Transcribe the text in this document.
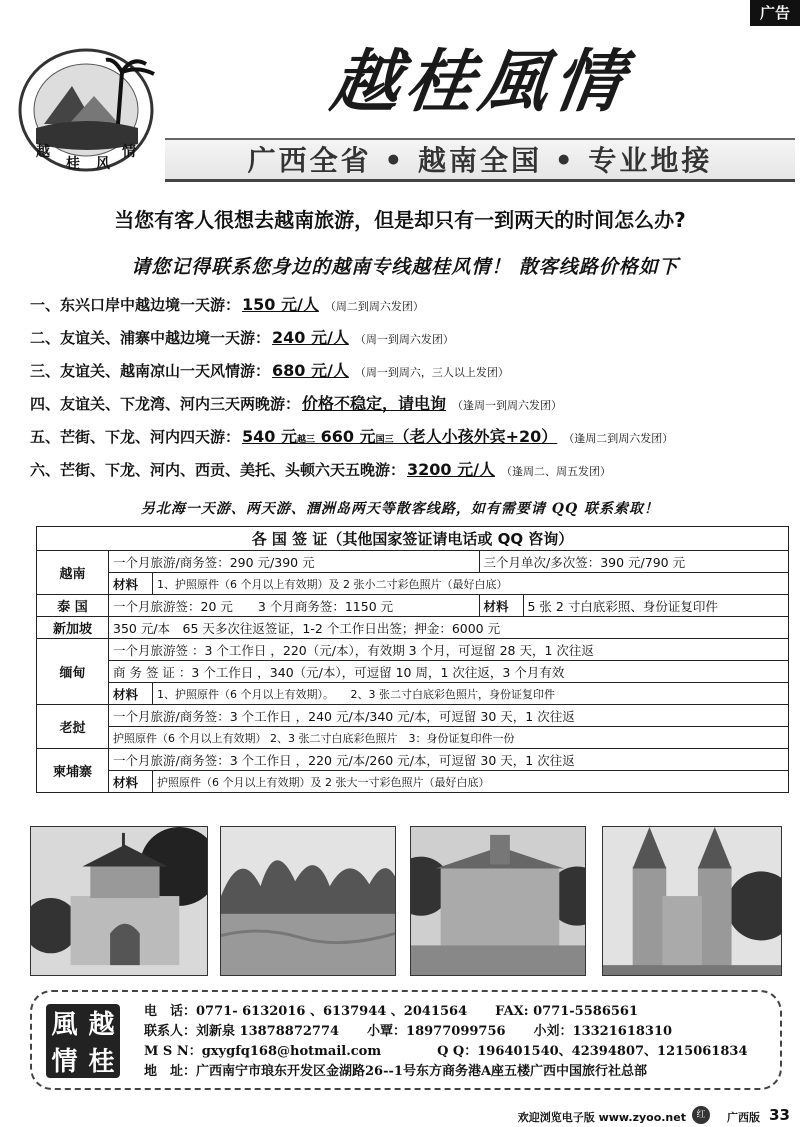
广告
越
桂 风
情
越桂風情
广西全省 • 越南全国 • 专业地接
当您有客人很想去越南旅游，但是却只有一到两天的时间怎么办?
请您记得联系您身边的越南专线越桂风情！ 散客线路价格如下
一、东兴口岸中越边境一天游： 150 元/人 （周二到周六发团）
二、友谊关、浦寨中越边境一天游： 240 元/人 （周一到周六发团）
三、友谊关、越南凉山一天风情游： 680 元/人 （周一到周六，三人以上发团）
四、友谊关、下龙湾、河内三天两晚游： 价格不稳定，请电询 （逢周一到周六发团）
五、芒街、下龙、河内四天游： 540 元越三 660 元国三（老人小孩外宾+20） （逢周二到周六发团）
六、芒街、下龙、河内、西贡、美托、头顿六天五晚游： 3200 元/人 （逢周二、周五发团）
另北海一天游、两天游、涠洲岛两天等散客线路，如有需要请 QQ 联系索取！
各 国 签 证（其他国家签证请电话或 QQ 咨询）				
越南	一个月旅游/商务签：290 元/390 元		三个月单次/多次签：390 元/790 元	
	材料	1、护照原件（6 个月以上有效期）及 2 张小二寸彩色照片（最好白底）		
泰 国	一个月旅游签：20 元　　 3 个月商务签：1150 元		材料	5 张 2 寸白底彩照、身份证复印件
新加坡	350 元/本　65 天多次往返签证，1-2 个工作日出签；押金：6000 元			
缅甸	一个月旅游签 ：3 个工作日 ，220（元/本），有效期 3 个月，可逗留 28 天，1 次往返			
	商 务 签 证 ：3 个工作日 ，340（元/本），可逗留 10 周，1 次往返，3 个月有效			
	材料	1、护照原件（6 个月以上有效期）。　　2、3 张二寸白底彩色照片，身份证复印件		
老挝	一个月旅游/商务签：3 个工作日 ，240 元/本/340 元/本，可逗留 30 天，1 次往返			
	护照原件（6 个月以上有效期） 2、3 张二寸白底彩色照片　3：身份证复印件一份			
柬埔寨	一个月旅游/商务签：3 个工作日 ，220 元/本/260 元/本，可逗留 30 天，1 次往返			
	材料	护照原件（6 个月以上有效期）及 2 张大一寸彩色照片（最好白底）		
風 越
情 桂
电　话：0771- 6132016 、6137944 、2041564 FAX: 0771-5586561
联系人：刘新泉 13878872774 小覃：18977099756 小刘：13321618310
M S N：gxygfq168@hotmail.com	Q Q：196401540、42394807、1215061834
地　址：广西南宁市琅东开发区金湖路26--1号东方商务港A座五楼广西中国旅行社总部
欢迎浏览电子版 www.zyoo.net	红	广西版 33
